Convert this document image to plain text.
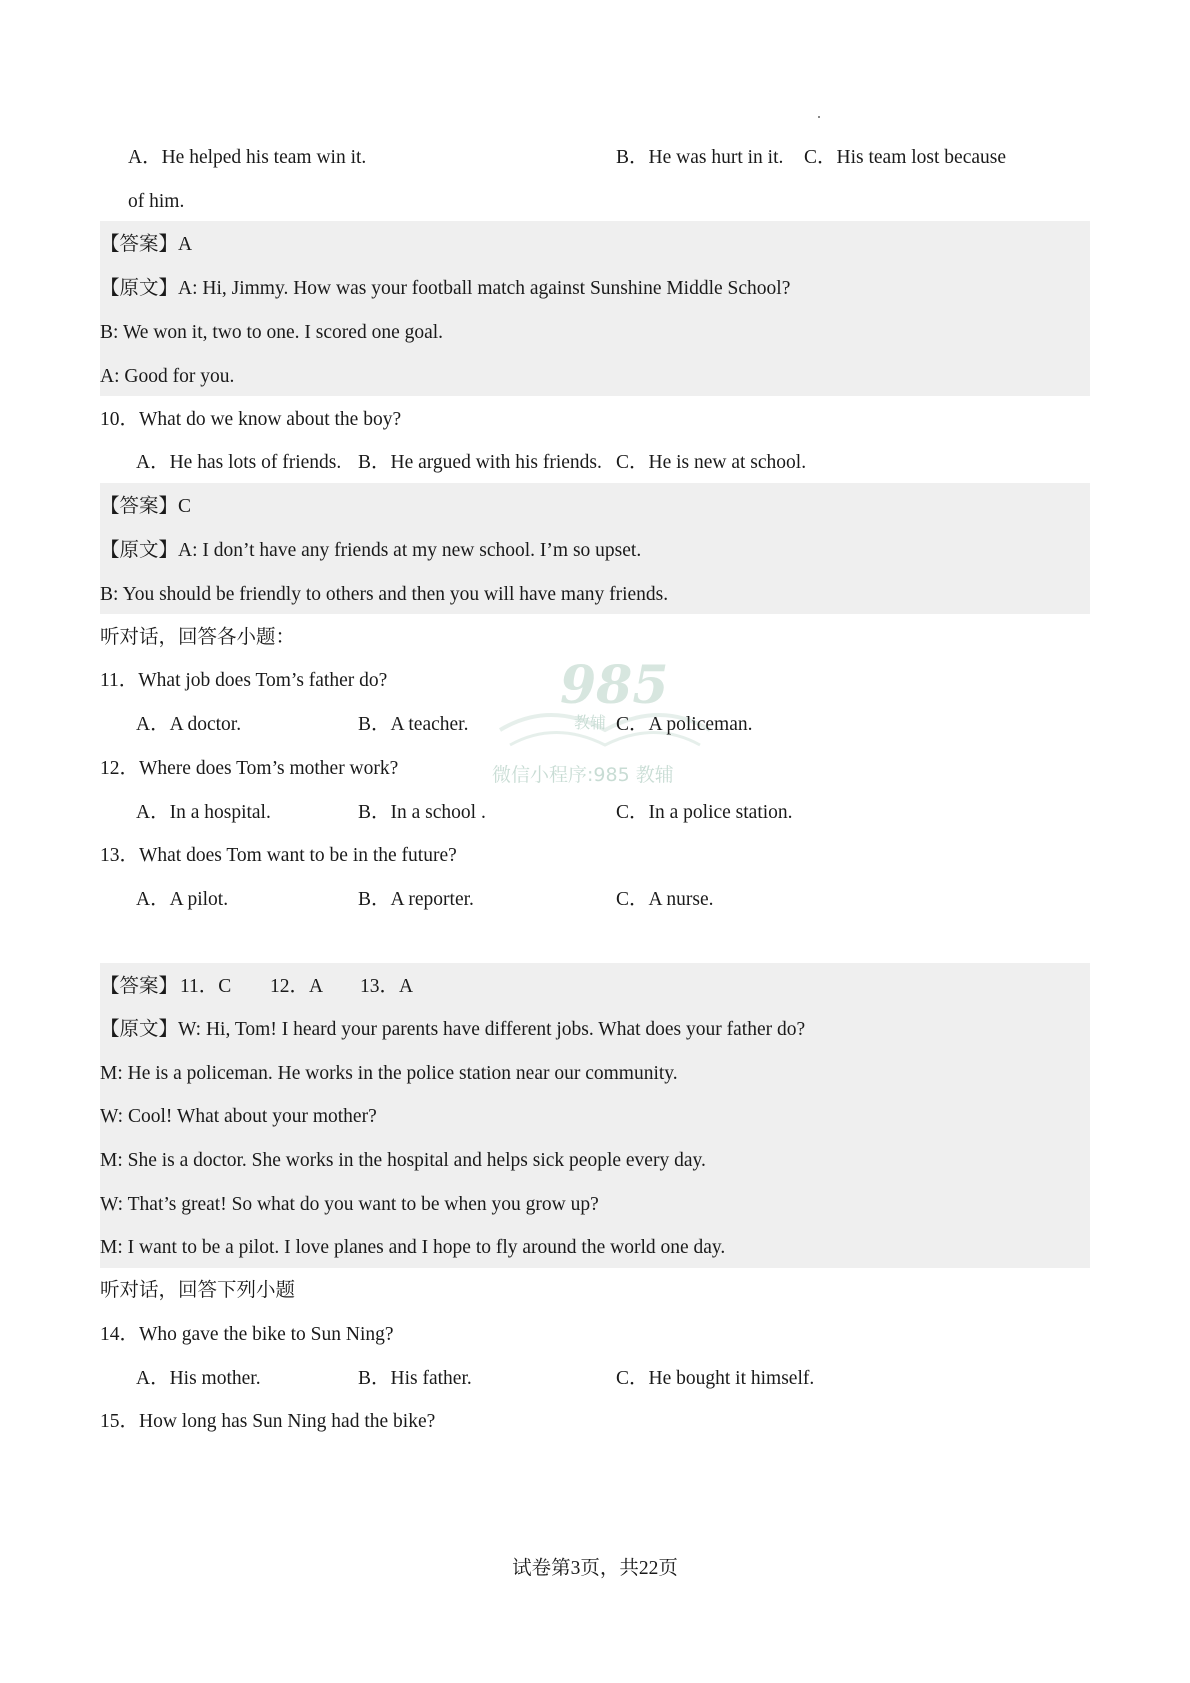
985
教辅
微信小程序:985 教辅
A．He helped his team win it.	B．He was hurt in it. C．His team lost because
of him.
【答案】A
【原文】A: Hi, Jimmy. How was your football match against Sunshine Middle School?
B: We won it, two to one. I scored one goal.
A: Good for you.
10．What do we know about the boy?
A．He has lots of friends. B．He argued with his friends. C．He is new at school.
【答案】C
【原文】A: I don’t have any friends at my new school. I’m so upset.
B: You should be friendly to others and then you will have many friends.
听对话，回答各小题：
11．What job does Tom’s father do?
A．A doctor.	B．A teacher.	C．A policeman.
12．Where does Tom’s mother work?
A．In a hospital.	B．In a school .	C．In a police station.
13．What does Tom want to be in the future?
A．A pilot.	B．A reporter.	C．A nurse.
【答案】 11．C 12．A 13．A
【原文】W: Hi, Tom! I heard your parents have different jobs. What does your father do?
M: He is a policeman. He works in the police station near our community.
W: Cool! What about your mother?
M: She is a doctor. She works in the hospital and helps sick people every day.
W: That’s great! So what do you want to be when you grow up?
M: I want to be a pilot. I love planes and I hope to fly around the world one day.
听对话，回答下列小题
14．Who gave the bike to Sun Ning?
A．His mother.	B．His father.	C．He bought it himself.
15．How long has Sun Ning had the bike?
试卷第3页，共22页
